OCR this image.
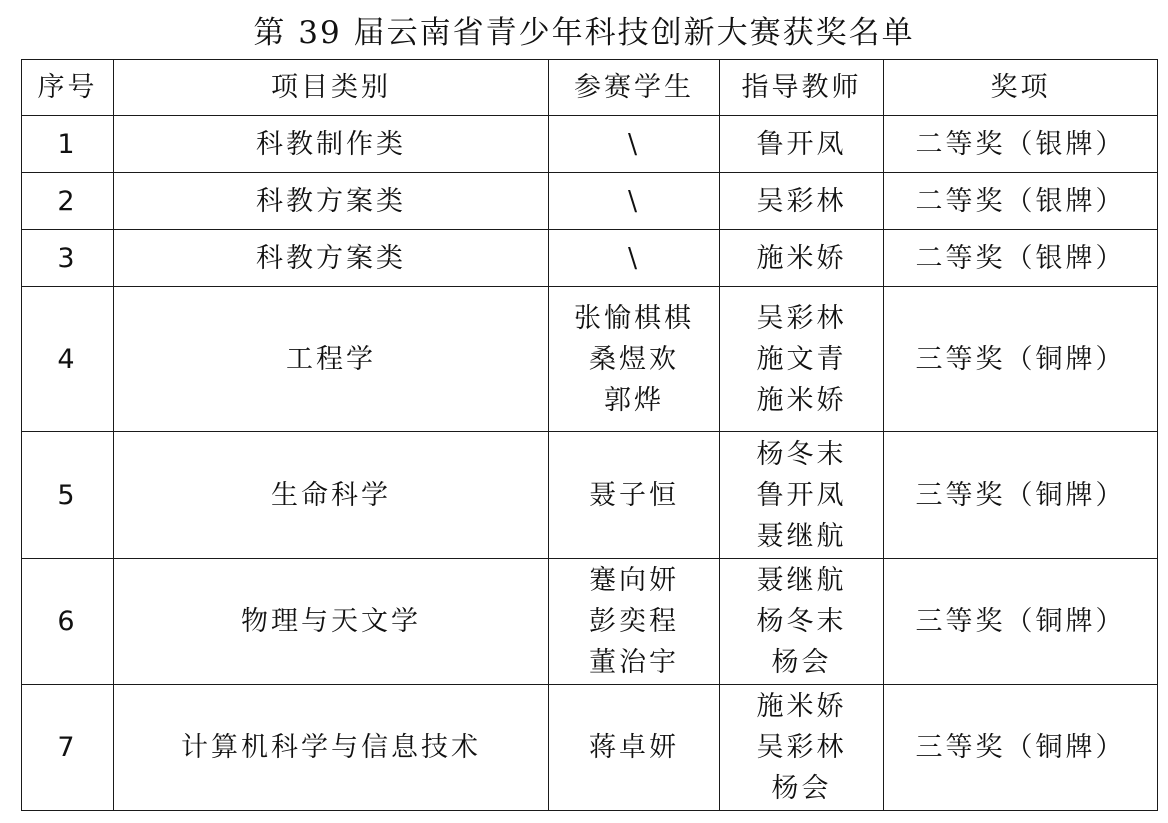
第 39 届云南省青少年科技创新大赛获奖名单
序号	项目类别	参赛学生	指导教师	奖项
1	科教制作类	\	鲁开凤	二等奖（银牌）
2	科教方案类	\	吴彩林	二等奖（银牌）
3	科教方案类	\	施米娇	二等奖（银牌）
4	工程学	张愉棋棋
桑煜欢
郭烨	吴彩林
施文青
施米娇	三等奖（铜牌）
5	生命科学	聂子恒	杨冬末
鲁开凤
聂继航	三等奖（铜牌）
6	物理与天文学	蹇向妍
彭奕程
董治宇	聂继航
杨冬末
杨会	三等奖（铜牌）
7	计算机科学与信息技术	蒋卓妍	施米娇
吴彩林
杨会	三等奖（铜牌）
